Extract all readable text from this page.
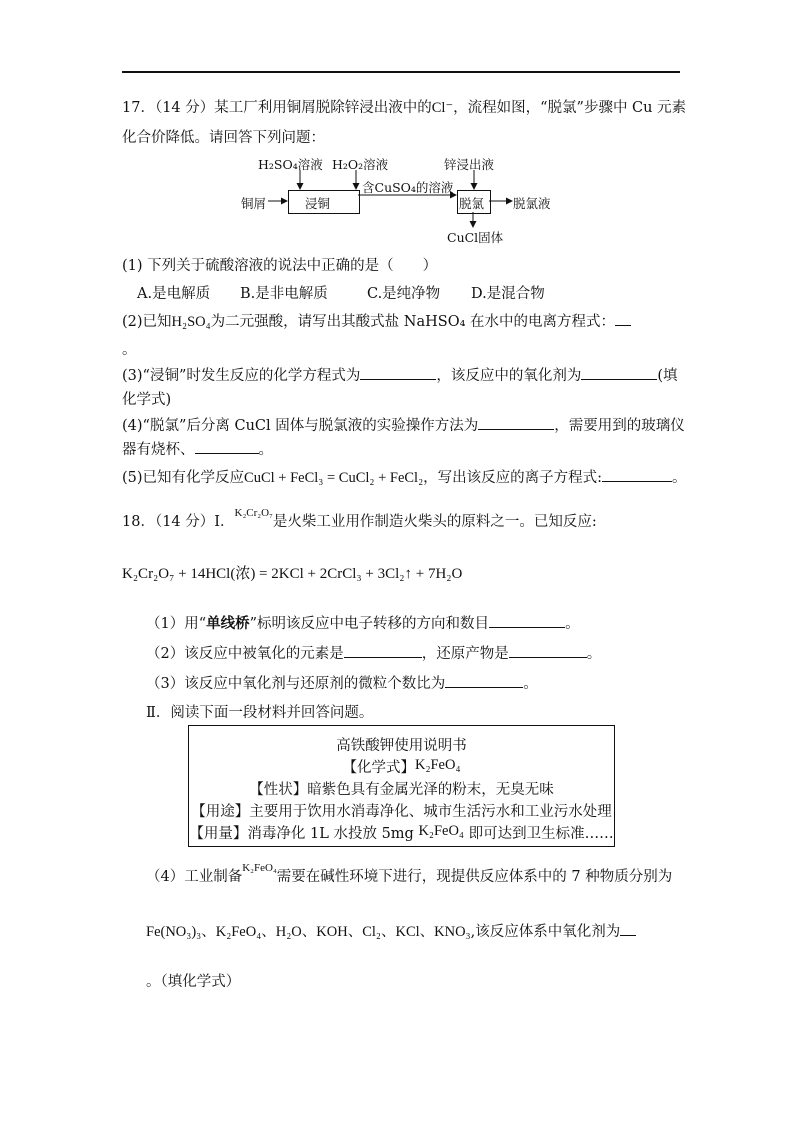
17．（14 分）某工厂利用铜屑脱除锌浸出液中的Cl⁻，流程如图，“脱氯”步骤中 Cu 元素
化合价降低。请回答下列问题：
H₂SO₄溶液 H₂O₂溶液	锌浸出液
铜屑	浸铜
含CuSO₄的溶液
脱氯 脱氯液
CuCl固体
(1) 下列关于硫酸溶液的说法中正确的是（　　）
A.是电解质 B.是非电解质	C.是纯净物 D.是混合物
(2)已知H₂SO₄为二元强酸，请写出其酸式盐 NaHSO₄ 在水中的电离方程式：
。
(3)“浸铜”时发生反应的化学方程式为	，该反应中的氧化剂为	(填
化学式)
(4)“脱氯”后分离 CuCl 固体与脱氯液的实验操作方法为	，需要用到的玻璃仪
器有烧杯、	。
(5)已知有化学反应CuCl + FeCl₃ = CuCl₂ + FeCl₂，写出该反应的离子方程式:	。
18．（14 分）Ⅰ．$^{K_2Cr_2O_7}$是火柴工业用作制造火柴头的原料之一。已知反应:
K₂Cr₂O₇ + 14HCl(浓) = 2KCl + 2CrCl₃ + 3Cl₂↑ + 7H₂O
（1）用“单线桥”标明该反应中电子转移的方向和数目	。
（2）该反应中被氧化的元素是	，还原产物是	。
（3）该反应中氧化剂与还原剂的微粒个数比为	。
Ⅱ．阅读下面一段材料并回答问题。
高铁酸钾使用说明书
【化学式】K₂FeO₄
【性状】暗紫色具有金属光泽的粉末，无臭无味
【用途】主要用于饮用水消毒净化、城市生活污水和工业污水处理
【用量】消毒净化 1L 水投放 5mg K₂FeO₄ 即可达到卫生标准……
（4）工业制备$^{K_2FeO_4}$需要在碱性环境下进行，现提供反应体系中的 7 种物质分别为
Fe(NO₃)₃、K₂FeO₄、H₂O、KOH、Cl₂、KCl、KNO₃,该反应体系中氧化剂为
。（填化学式）
